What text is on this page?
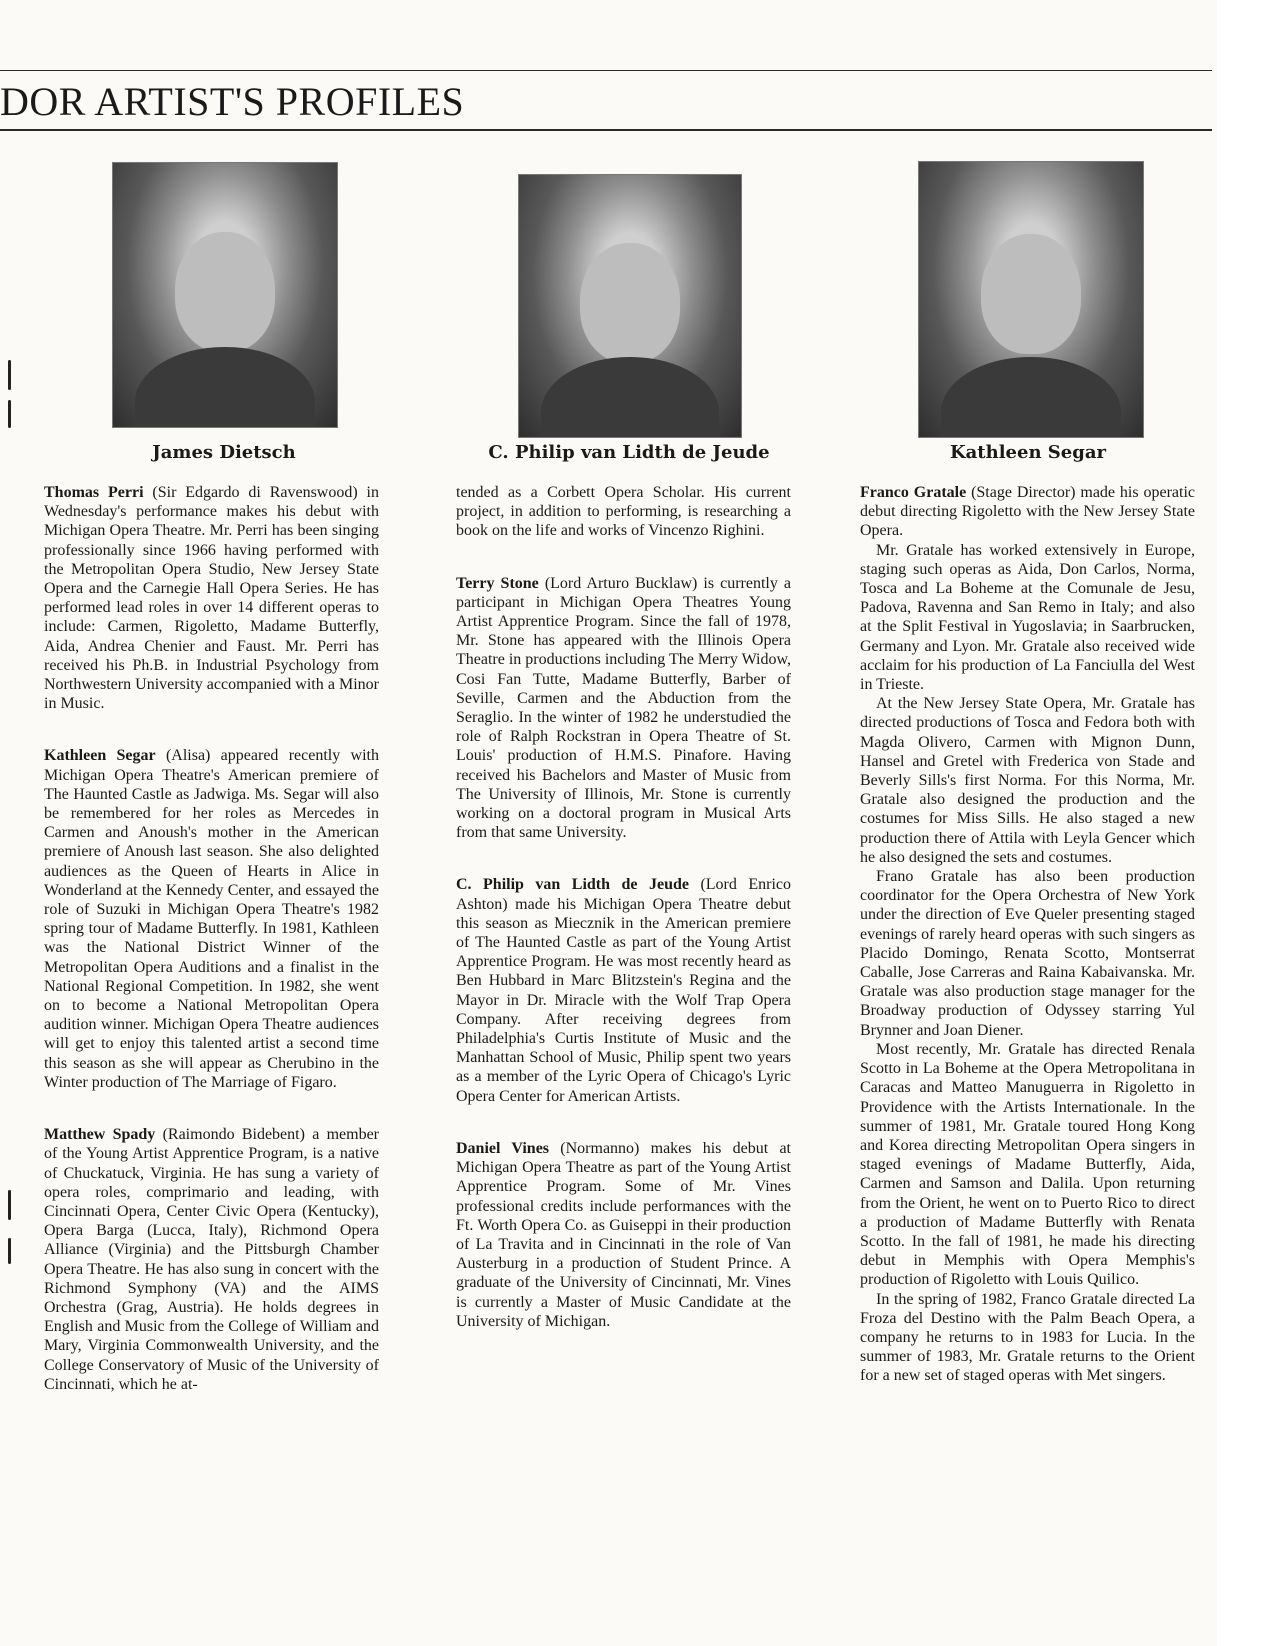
DOR ARTIST'S PROFILES
James Dietsch	C. Philip van Lidth de Jeude	Kathleen Segar

Thomas Perri (Sir Edgardo di Ravenswood) in Wednesday's performance makes his debut with Michigan Opera Theatre. Mr. Perri has been singing professionally since 1966 having performed with the Metropolitan Opera Studio, New Jersey State Opera and the Carnegie Hall Opera Series. He has performed lead roles in over 14 different operas to include: Carmen, Rigoletto, Madame Butterfly, Aida, Andrea Chenier and Faust. Mr. Perri has received his Ph.B. in Industrial Psychology from Northwestern University accompanied with a Minor in Music.

Kathleen Segar (Alisa) appeared recently with Michigan Opera Theatre's American premiere of The Haunted Castle as Jadwiga. Ms. Segar will also be remembered for her roles as Mercedes in Carmen and Anoush's mother in the American premiere of Anoush last season. She also delighted audiences as the Queen of Hearts in Alice in Wonderland at the Kennedy Center, and essayed the role of Suzuki in Michigan Opera Theatre's 1982 spring tour of Madame Butterfly. In 1981, Kathleen was the National District Winner of the Metropolitan Opera Auditions and a finalist in the National Regional Competition. In 1982, she went on to become a National Metropolitan Opera audition winner. Michigan Opera Theatre audiences will get to enjoy this talented artist a second time this season as she will appear as Cherubino in the Winter production of The Marriage of Figaro.

Matthew Spady (Raimondo Bidebent) a member of the Young Artist Apprentice Program, is a native of Chuckatuck, Virginia. He has sung a variety of opera roles, comprimario and leading, with Cincinnati Opera, Center Civic Opera (Kentucky), Opera Barga (Lucca, Italy), Richmond Opera Alliance (Virginia) and the Pittsburgh Chamber Opera Theatre. He has also sung in concert with the Richmond Symphony (VA) and the AIMS Orchestra (Grag, Austria). He holds degrees in English and Music from the College of William and Mary, Virginia Commonwealth University, and the College Conservatory of Music of the University of Cincinnati, which he at-

tended as a Corbett Opera Scholar. His current project, in addition to performing, is researching a book on the life and works of Vincenzo Righini.

Terry Stone (Lord Arturo Bucklaw) is currently a participant in Michigan Opera Theatres Young Artist Apprentice Program. Since the fall of 1978, Mr. Stone has appeared with the Illinois Opera Theatre in productions including The Merry Widow, Cosi Fan Tutte, Madame Butterfly, Barber of Seville, Carmen and the Abduction from the Seraglio. In the winter of 1982 he understudied the role of Ralph Rockstran in Opera Theatre of St. Louis' production of H.M.S. Pinafore. Having received his Bachelors and Master of Music from The University of Illinois, Mr. Stone is currently working on a doctoral program in Musical Arts from that same University.

C. Philip van Lidth de Jeude (Lord Enrico Ashton) made his Michigan Opera Theatre debut this season as Miecznik in the American premiere of The Haunted Castle as part of the Young Artist Apprentice Program. He was most recently heard as Ben Hubbard in Marc Blitzstein's Regina and the Mayor in Dr. Miracle with the Wolf Trap Opera Company. After receiving degrees from Philadelphia's Curtis Institute of Music and the Manhattan School of Music, Philip spent two years as a member of the Lyric Opera of Chicago's Lyric Opera Center for American Artists.

Daniel Vines (Normanno) makes his debut at Michigan Opera Theatre as part of the Young Artist Apprentice Program. Some of Mr. Vines professional credits include performances with the Ft. Worth Opera Co. as Guiseppi in their production of La Travita and in Cincinnati in the role of Van Austerburg in a production of Student Prince. A graduate of the University of Cincinnati, Mr. Vines is currently a Master of Music Candidate at the University of Michigan.

Franco Gratale (Stage Director) made his operatic debut directing Rigoletto with the New Jersey State Opera.

Mr. Gratale has worked extensively in Europe, staging such operas as Aida, Don Carlos, Norma, Tosca and La Boheme at the Comunale de Jesu, Padova, Ravenna and San Remo in Italy; and also at the Split Festival in Yugoslavia; in Saarbrucken, Germany and Lyon. Mr. Gratale also received wide acclaim for his production of La Fanciulla del West in Trieste.

At the New Jersey State Opera, Mr. Gratale has directed productions of Tosca and Fedora both with Magda Olivero, Carmen with Mignon Dunn, Hansel and Gretel with Frederica von Stade and Beverly Sills's first Norma. For this Norma, Mr. Gratale also designed the production and the costumes for Miss Sills. He also staged a new production there of Attila with Leyla Gencer which he also designed the sets and costumes.

Frano Gratale has also been production coordinator for the Opera Orchestra of New York under the direction of Eve Queler presenting staged evenings of rarely heard operas with such singers as Placido Domingo, Renata Scotto, Montserrat Caballe, Jose Carreras and Raina Kabaivanska. Mr. Gratale was also production stage manager for the Broadway production of Odyssey starring Yul Brynner and Joan Diener.

Most recently, Mr. Gratale has directed Renala Scotto in La Boheme at the Opera Metropolitana in Caracas and Matteo Manuguerra in Rigoletto in Providence with the Artists Internationale. In the summer of 1981, Mr. Gratale toured Hong Kong and Korea directing Metropolitan Opera singers in staged evenings of Madame Butterfly, Aida, Carmen and Samson and Dalila. Upon returning from the Orient, he went on to Puerto Rico to direct a production of Madame Butterfly with Renata Scotto. In the fall of 1981, he made his directing debut in Memphis with Opera Memphis's production of Rigoletto with Louis Quilico.

In the spring of 1982, Franco Gratale directed La Froza del Destino with the Palm Beach Opera, a company he returns to in 1983 for Lucia. In the summer of 1983, Mr. Gratale returns to the Orient for a new set of staged operas with Met singers.
